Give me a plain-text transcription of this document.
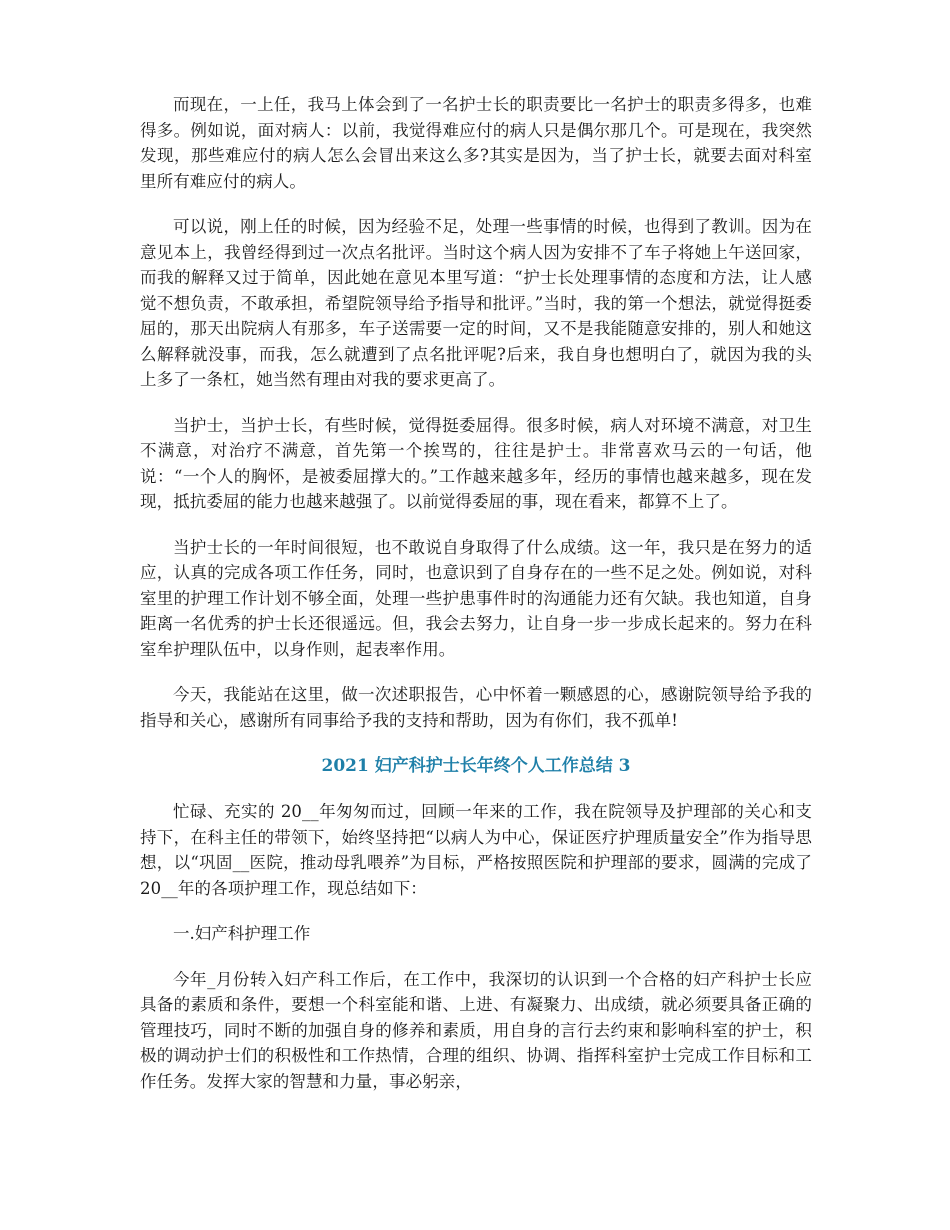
而现在，一上任，我马上体会到了一名护士长的职责要比一名护士的职责多得多，也难得多。例如说，面对病人：以前，我觉得难应付的病人只是偶尔那几个。可是现在，我突然发现，那些难应付的病人怎么会冒出来这么多?其实是因为，当了护士长，就要去面对科室里所有难应付的病人。

可以说，刚上任的时候，因为经验不足，处理一些事情的时候，也得到了教训。因为在意见本上，我曾经得到过一次点名批评。当时这个病人因为安排不了车子将她上午送回家，而我的解释又过于简单，因此她在意见本里写道：“护士长处理事情的态度和方法，让人感觉不想负责，不敢承担，希望院领导给予指导和批评。”当时，我的第一个想法，就觉得挺委屈的，那天出院病人有那多，车子送需要一定的时间，又不是我能随意安排的，别人和她这么解释就没事，而我，怎么就遭到了点名批评呢?后来，我自身也想明白了，就因为我的头上多了一条杠，她当然有理由对我的要求更高了。

当护士，当护士长，有些时候，觉得挺委屈得。很多时候，病人对环境不满意，对卫生不满意，对治疗不满意，首先第一个挨骂的，往往是护士。非常喜欢马云的一句话，他说：“一个人的胸怀，是被委屈撑大的。”工作越来越多年，经历的事情也越来越多，现在发现，抵抗委屈的能力也越来越强了。以前觉得委屈的事，现在看来，都算不上了。

当护士长的一年时间很短，也不敢说自身取得了什么成绩。这一年，我只是在努力的适应，认真的完成各项工作任务，同时，也意识到了自身存在的一些不足之处。例如说，对科室里的护理工作计划不够全面，处理一些护患事件时的沟通能力还有欠缺。我也知道，自身距离一名优秀的护士长还很遥远。但，我会去努力，让自身一步一步成长起来的。努力在科室牟护理队伍中，以身作则，起表率作用。

今天，我能站在这里，做一次述职报告，心中怀着一颗感恩的心，感谢院领导给予我的指导和关心，感谢所有同事给予我的支持和帮助，因为有你们，我不孤单!

2021 妇产科护士长年终个人工作总结 3

忙碌、充实的 20__年匆匆而过，回顾一年来的工作，我在院领导及护理部的关心和支持下，在科主任的带领下，始终坚持把“以病人为中心，保证医疗护理质量安全”作为指导思想，以“巩固__医院，推动母乳喂养”为目标，严格按照医院和护理部的要求，圆满的完成了 20__年的各项护理工作，现总结如下：

一.妇产科护理工作

今年_月份转入妇产科工作后，在工作中，我深切的认识到一个合格的妇产科护士长应具备的素质和条件，要想一个科室能和谐、上进、有凝聚力、出成绩，就必须要具备正确的管理技巧，同时不断的加强自身的修养和素质，用自身的言行去约束和影响科室的护士，积极的调动护士们的积极性和工作热情，合理的组织、协调、指挥科室护士完成工作目标和工作任务。发挥大家的智慧和力量，事必躬亲，
